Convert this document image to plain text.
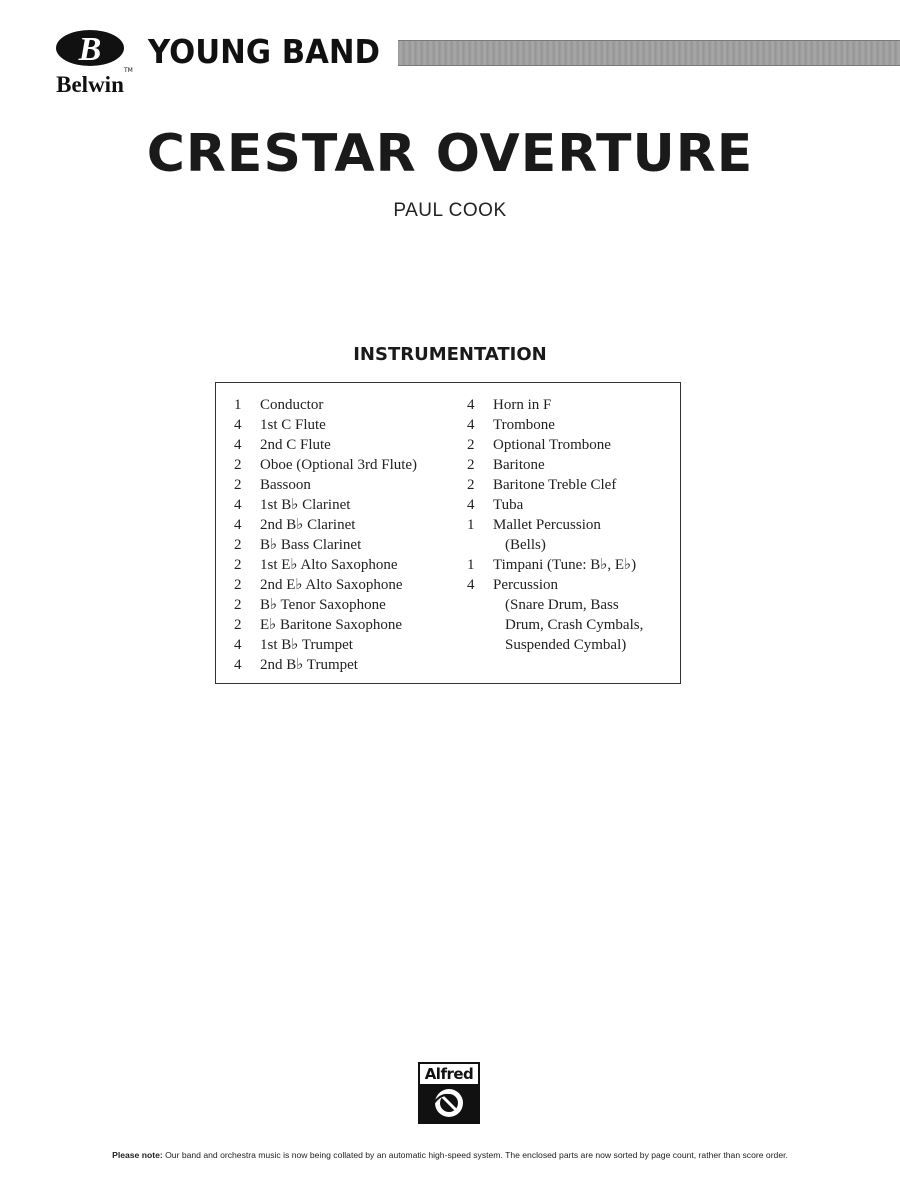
B
TM
Belwin
YOUNG BAND
CRESTAR OVERTURE
PAUL COOK
INSTRUMENTATION
1	Conductor
4	1st C Flute
4	2nd C Flute
2	Oboe (Optional 3rd Flute)
2	Bassoon
4	1st B♭ Clarinet
4	2nd B♭ Clarinet
2	B♭ Bass Clarinet
2	1st E♭ Alto Saxophone
2	2nd E♭ Alto Saxophone
2	B♭ Tenor Saxophone
2	E♭ Baritone Saxophone
4	1st B♭ Trumpet
4	2nd B♭ Trumpet
4	Horn in F
4	Trombone
2	Optional Trombone
2	Baritone
2	Baritone Treble Clef
4	Tuba
1	Mallet Percussion
(Bells)
1	Timpani (Tune: B♭, E♭)
4	Percussion
(Snare Drum, Bass
Drum, Crash Cymbals,
Suspended Cymbal)
Alfred
Please note: Our band and orchestra music is now being collated by an automatic high-speed system. The enclosed parts are now sorted by page count, rather than score order.
